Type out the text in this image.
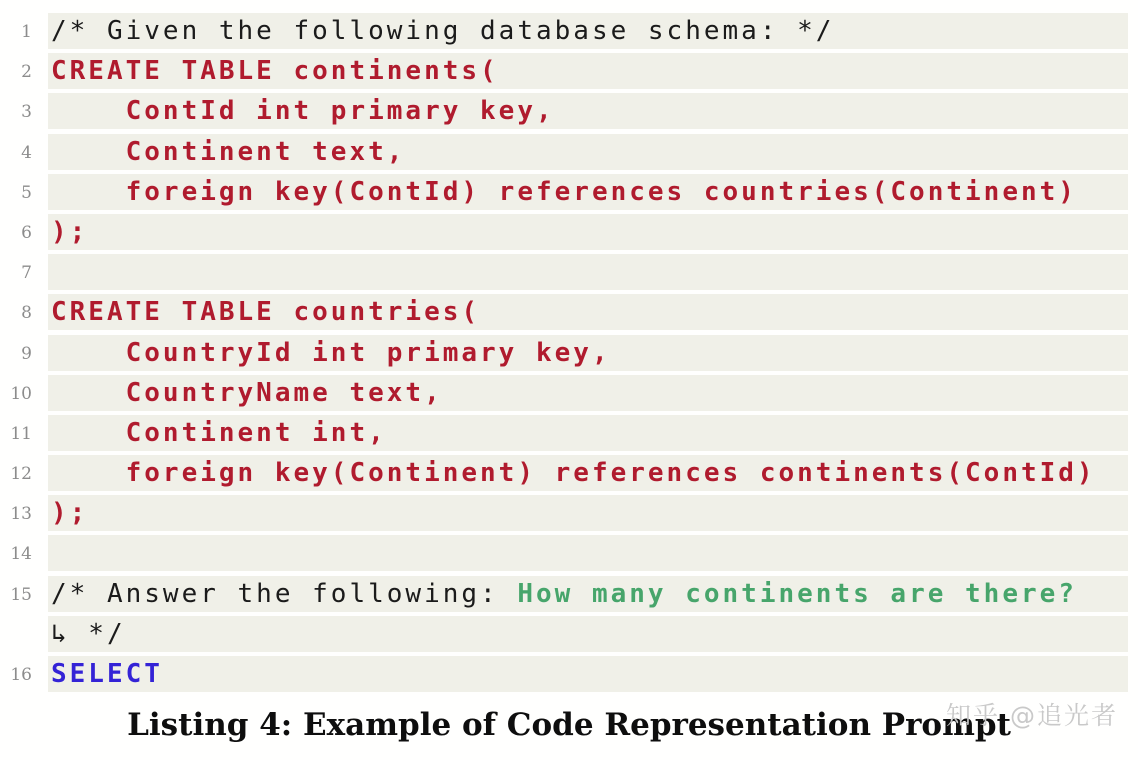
1 /* Given the following database schema: */
2 CREATE TABLE continents(
3 ContId int primary key,
4 Continent text,
5 foreign key(ContId) references countries(Continent)
6 );
7
8 CREATE TABLE countries(
9 CountryId int primary key,
10 CountryName text,
11 Continent int,
12 foreign key(Continent) references continents(ContId)
13 );
14
15 /* Answer the following: How many continents are there?
↳ */
16 SELECT
Listing 4: Example of Code Representation Prompt
知乎 @追光者
